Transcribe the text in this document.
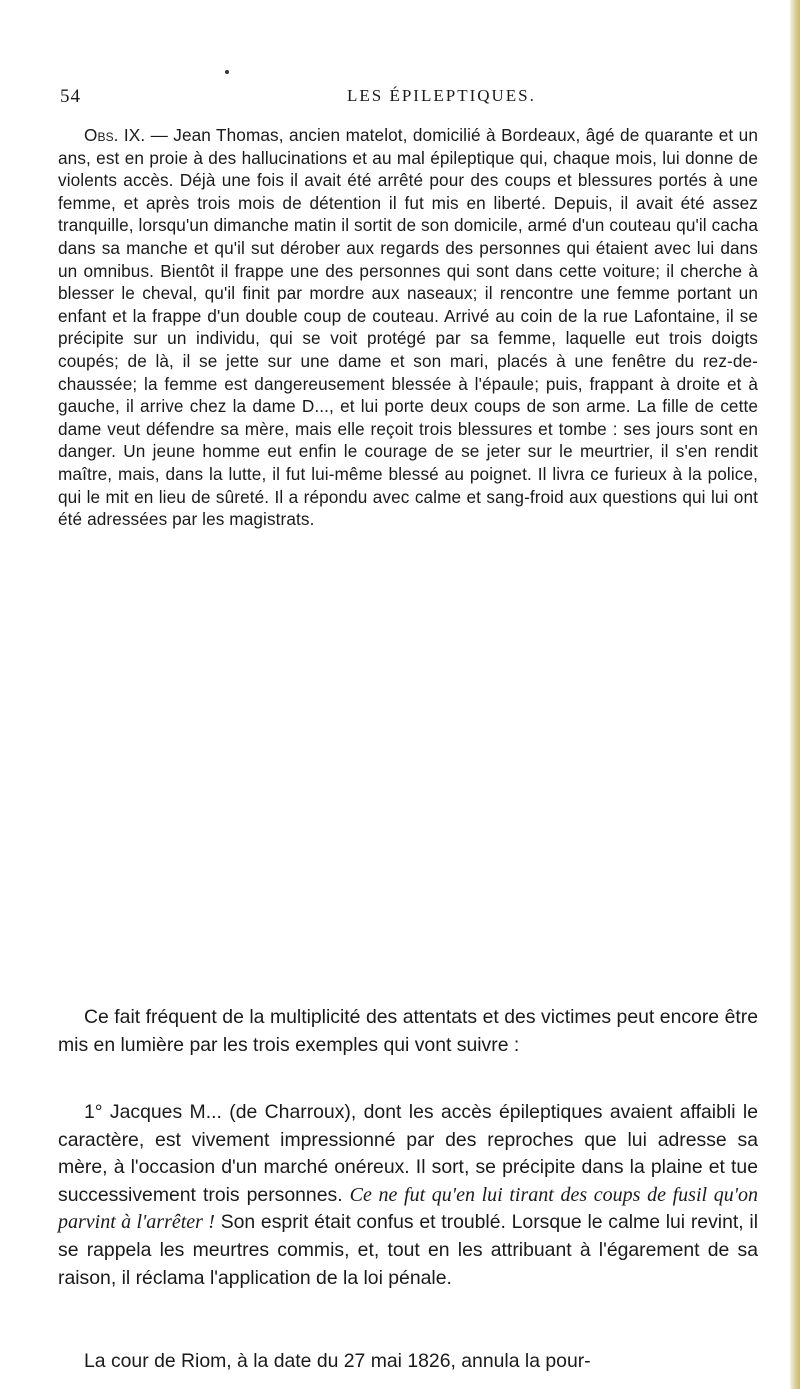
54	LES ÉPILEPTIQUES.

Obs. IX. — Jean Thomas, ancien matelot, domicilié à Bordeaux, âgé de quarante et un ans, est en proie à des hallucinations et au mal épileptique qui, chaque mois, lui donne de violents accès. Déjà une fois il avait été arrêté pour des coups et blessures portés à une femme, et après trois mois de détention il fut mis en liberté. Depuis, il avait été assez tranquille, lorsqu'un dimanche matin il sortit de son domicile, armé d'un couteau qu'il cacha dans sa manche et qu'il sut dérober aux regards des personnes qui étaient avec lui dans un omnibus. Bientôt il frappe une des personnes qui sont dans cette voiture; il cherche à blesser le cheval, qu'il finit par mordre aux naseaux; il rencontre une femme portant un enfant et la frappe d'un double coup de couteau. Arrivé au coin de la rue Lafontaine, il se précipite sur un individu, qui se voit protégé par sa femme, laquelle eut trois doigts coupés; de là, il se jette sur une dame et son mari, placés à une fenêtre du rez-de-chaussée; la femme est dangereusement blessée à l'épaule; puis, frappant à droite et à gauche, il arrive chez la dame D..., et lui porte deux coups de son arme. La fille de cette dame veut défendre sa mère, mais elle reçoit trois blessures et tombe : ses jours sont en danger. Un jeune homme eut enfin le courage de se jeter sur le meurtrier, il s'en rendit maître, mais, dans la lutte, il fut lui-même blessé au poignet. Il livra ce furieux à la police, qui le mit en lieu de sûreté. Il a répondu avec calme et sang-froid aux questions qui lui ont été adressées par les magistrats.

Ce fait fréquent de la multiplicité des attentats et des victimes peut encore être mis en lumière par les trois exemples qui vont suivre :

1° Jacques M... (de Charroux), dont les accès épileptiques avaient affaibli le caractère, est vivement impressionné par des reproches que lui adresse sa mère, à l'occasion d'un marché onéreux. Il sort, se précipite dans la plaine et tue successivement trois personnes. Ce ne fut qu'en lui tirant des coups de fusil qu'on parvint à l'arrêter ! Son esprit était confus et troublé. Lorsque le calme lui revint, il se rappela les meurtres commis, et, tout en les attribuant à l'égarement de sa raison, il réclama l'application de la loi pénale.

La cour de Riom, à la date du 27 mai 1826, annula la pour-
